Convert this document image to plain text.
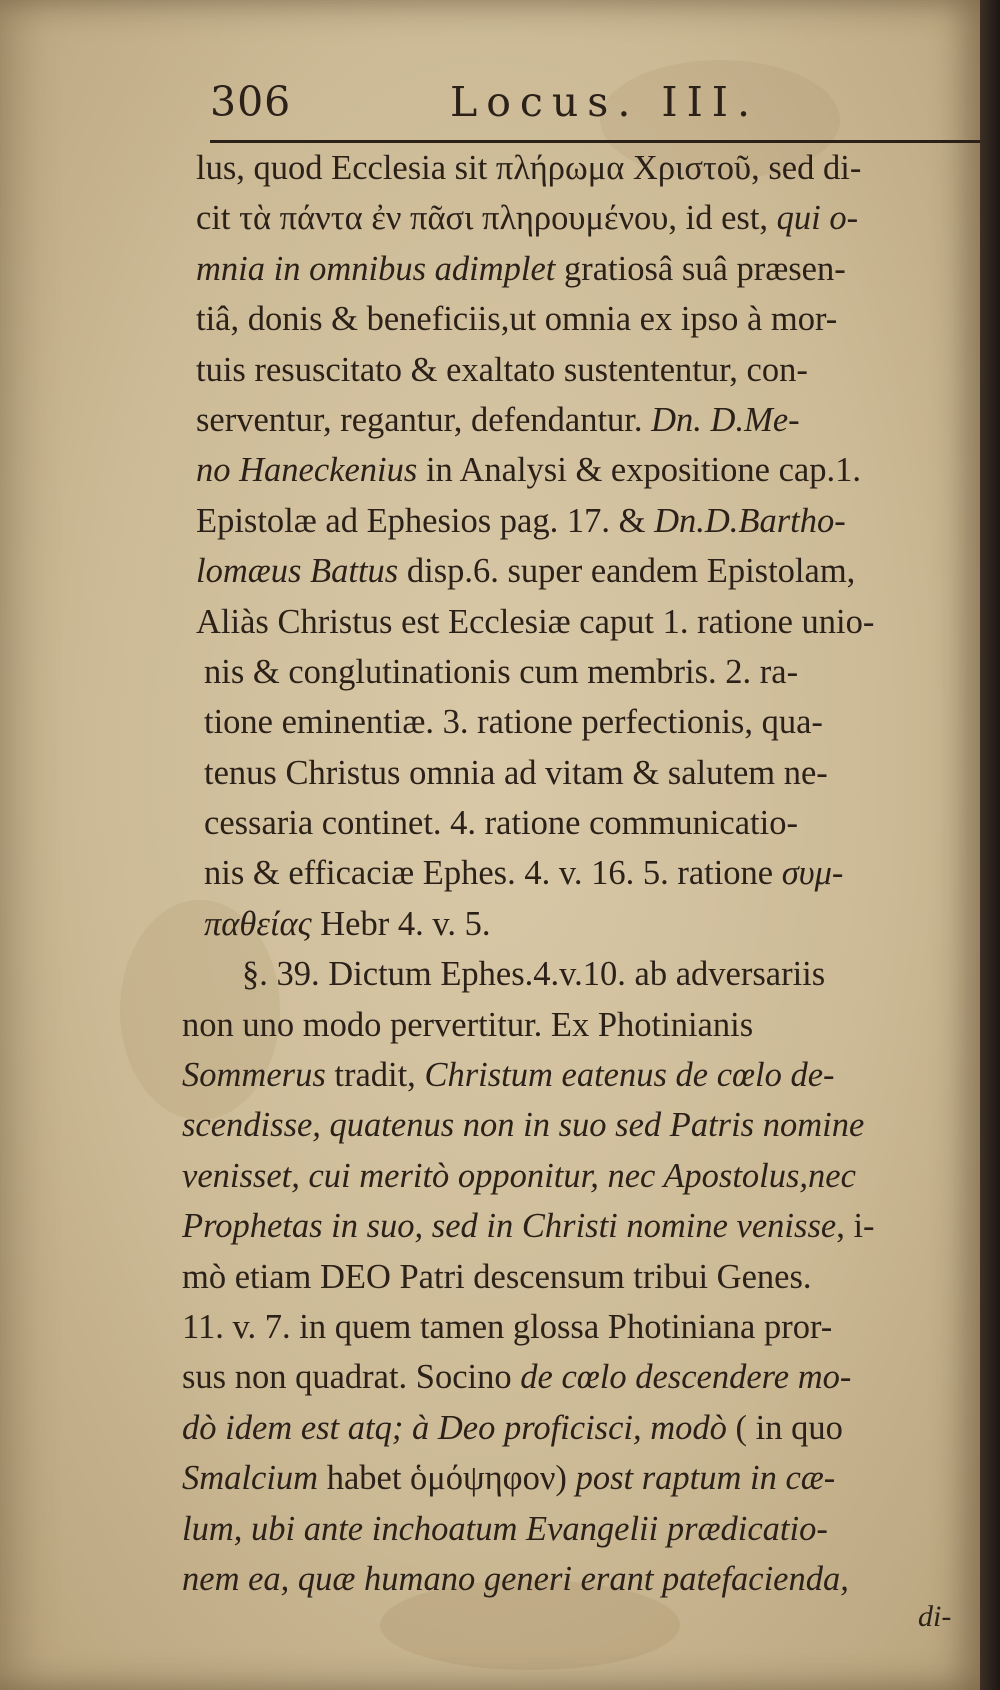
306	Locus. III.
lus, quod Ecclesia sit πλήρωμα Χριστοῦ, sed di-
cit τὰ πάντα ἐν πᾶσι πληρουμένου, id est, qui o-
mnia in omnibus adimplet gratiosâ suâ præsen-
tiâ, donis & beneficiis,ut omnia ex ipso à mor-
tuis resuscitato & exaltato sustententur, con-
serventur, regantur, defendantur. Dn. D.Me-
no Haneckenius in Analysi & expositione cap.1.
Epistolæ ad Ephesios pag. 17. & Dn.D.Bartho-
lomæus Battus disp.6. super eandem Epistolam,
Aliàs Christus est Ecclesiæ caput 1. ratione unio-
nis & conglutinationis cum membris. 2. ra-
tione eminentiæ. 3. ratione perfectionis, qua-
tenus Christus omnia ad vitam & salutem ne-
cessaria continet. 4. ratione communicatio-
nis & efficaciæ Ephes. 4. v. 16. 5. ratione συμ-
παθείας Hebr 4. v. 5.
§. 39. Dictum Ephes.4.v.10. ab adversariis
non uno modo pervertitur. Ex Photinianis
Sommerus tradit, Christum eatenus de cœlo de-
scendisse, quatenus non in suo sed Patris nomine
venisset, cui meritò opponitur, nec Apostolus,nec
Prophetas in suo, sed in Christi nomine venisse, i-
mò etiam DEO Patri descensum tribui Genes.
11. v. 7. in quem tamen glossa Photiniana pror-
sus non quadrat. Socino de cœlo descendere mo-
dò idem est atq; à Deo proficisci, modò ( in quo
Smalcium habet ὁμόψηφον) post raptum in cæ-
lum, ubi ante inchoatum Evangelii prædicatio-
nem ea, quæ humano generi erant patefacienda,
di-
